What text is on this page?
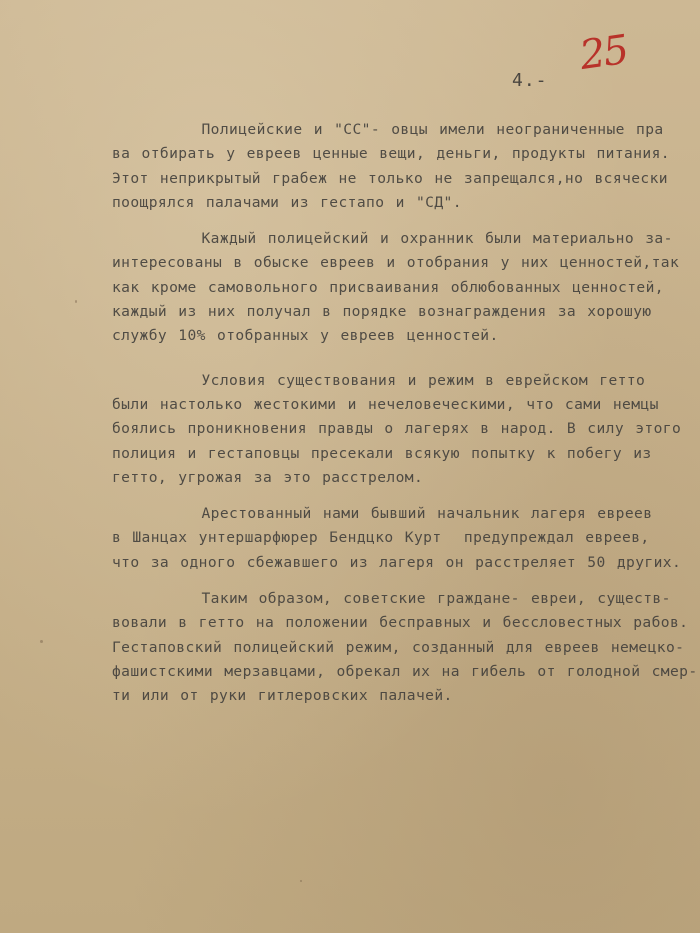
4.-
25
Полицейские и "СС"- овцы имели неограниченные пра
ва отбирать у евреев ценные вещи, деньги, продукты питания.
Этот неприкрытый грабеж не только не запрещался,но всячески
поощрялся палачами из гестапо и "СД".
Каждый полицейский и охранник были материально за-
интересованы в обыске евреев и отобрания у них ценностей,так
как кроме самовольного присваивания облюбованных ценностей,
каждый из них получал в порядке вознаграждения за хорошую
службу 10% отобранных у евреев ценностей.
Условия существования и режим в еврейском гетто
были настолько жестокими и нечеловеческими, что сами немцы
боялись проникновения правды о лагерях в народ. В силу этого
полиция и гестаповцы пресекали всякую попытку к побегу из
гетто, угрожая за это расстрелом.
Арестованный нами бывший начальник лагеря евреев
в Шанцах унтершарфюрер Бендцко Курт  предупреждал евреев,
что за одного сбежавшего из лагеря он расстреляет 50 других.
Таким образом, советские граждане- евреи, существ-
вовали в гетто на положении бесправных и бессловестных рабов.
Гестаповский полицейский режим, созданный для евреев немецко-
фашистскими мерзавцами, обрекал их на гибель от голодной смер-
ти или от руки гитлеровских палачей.
